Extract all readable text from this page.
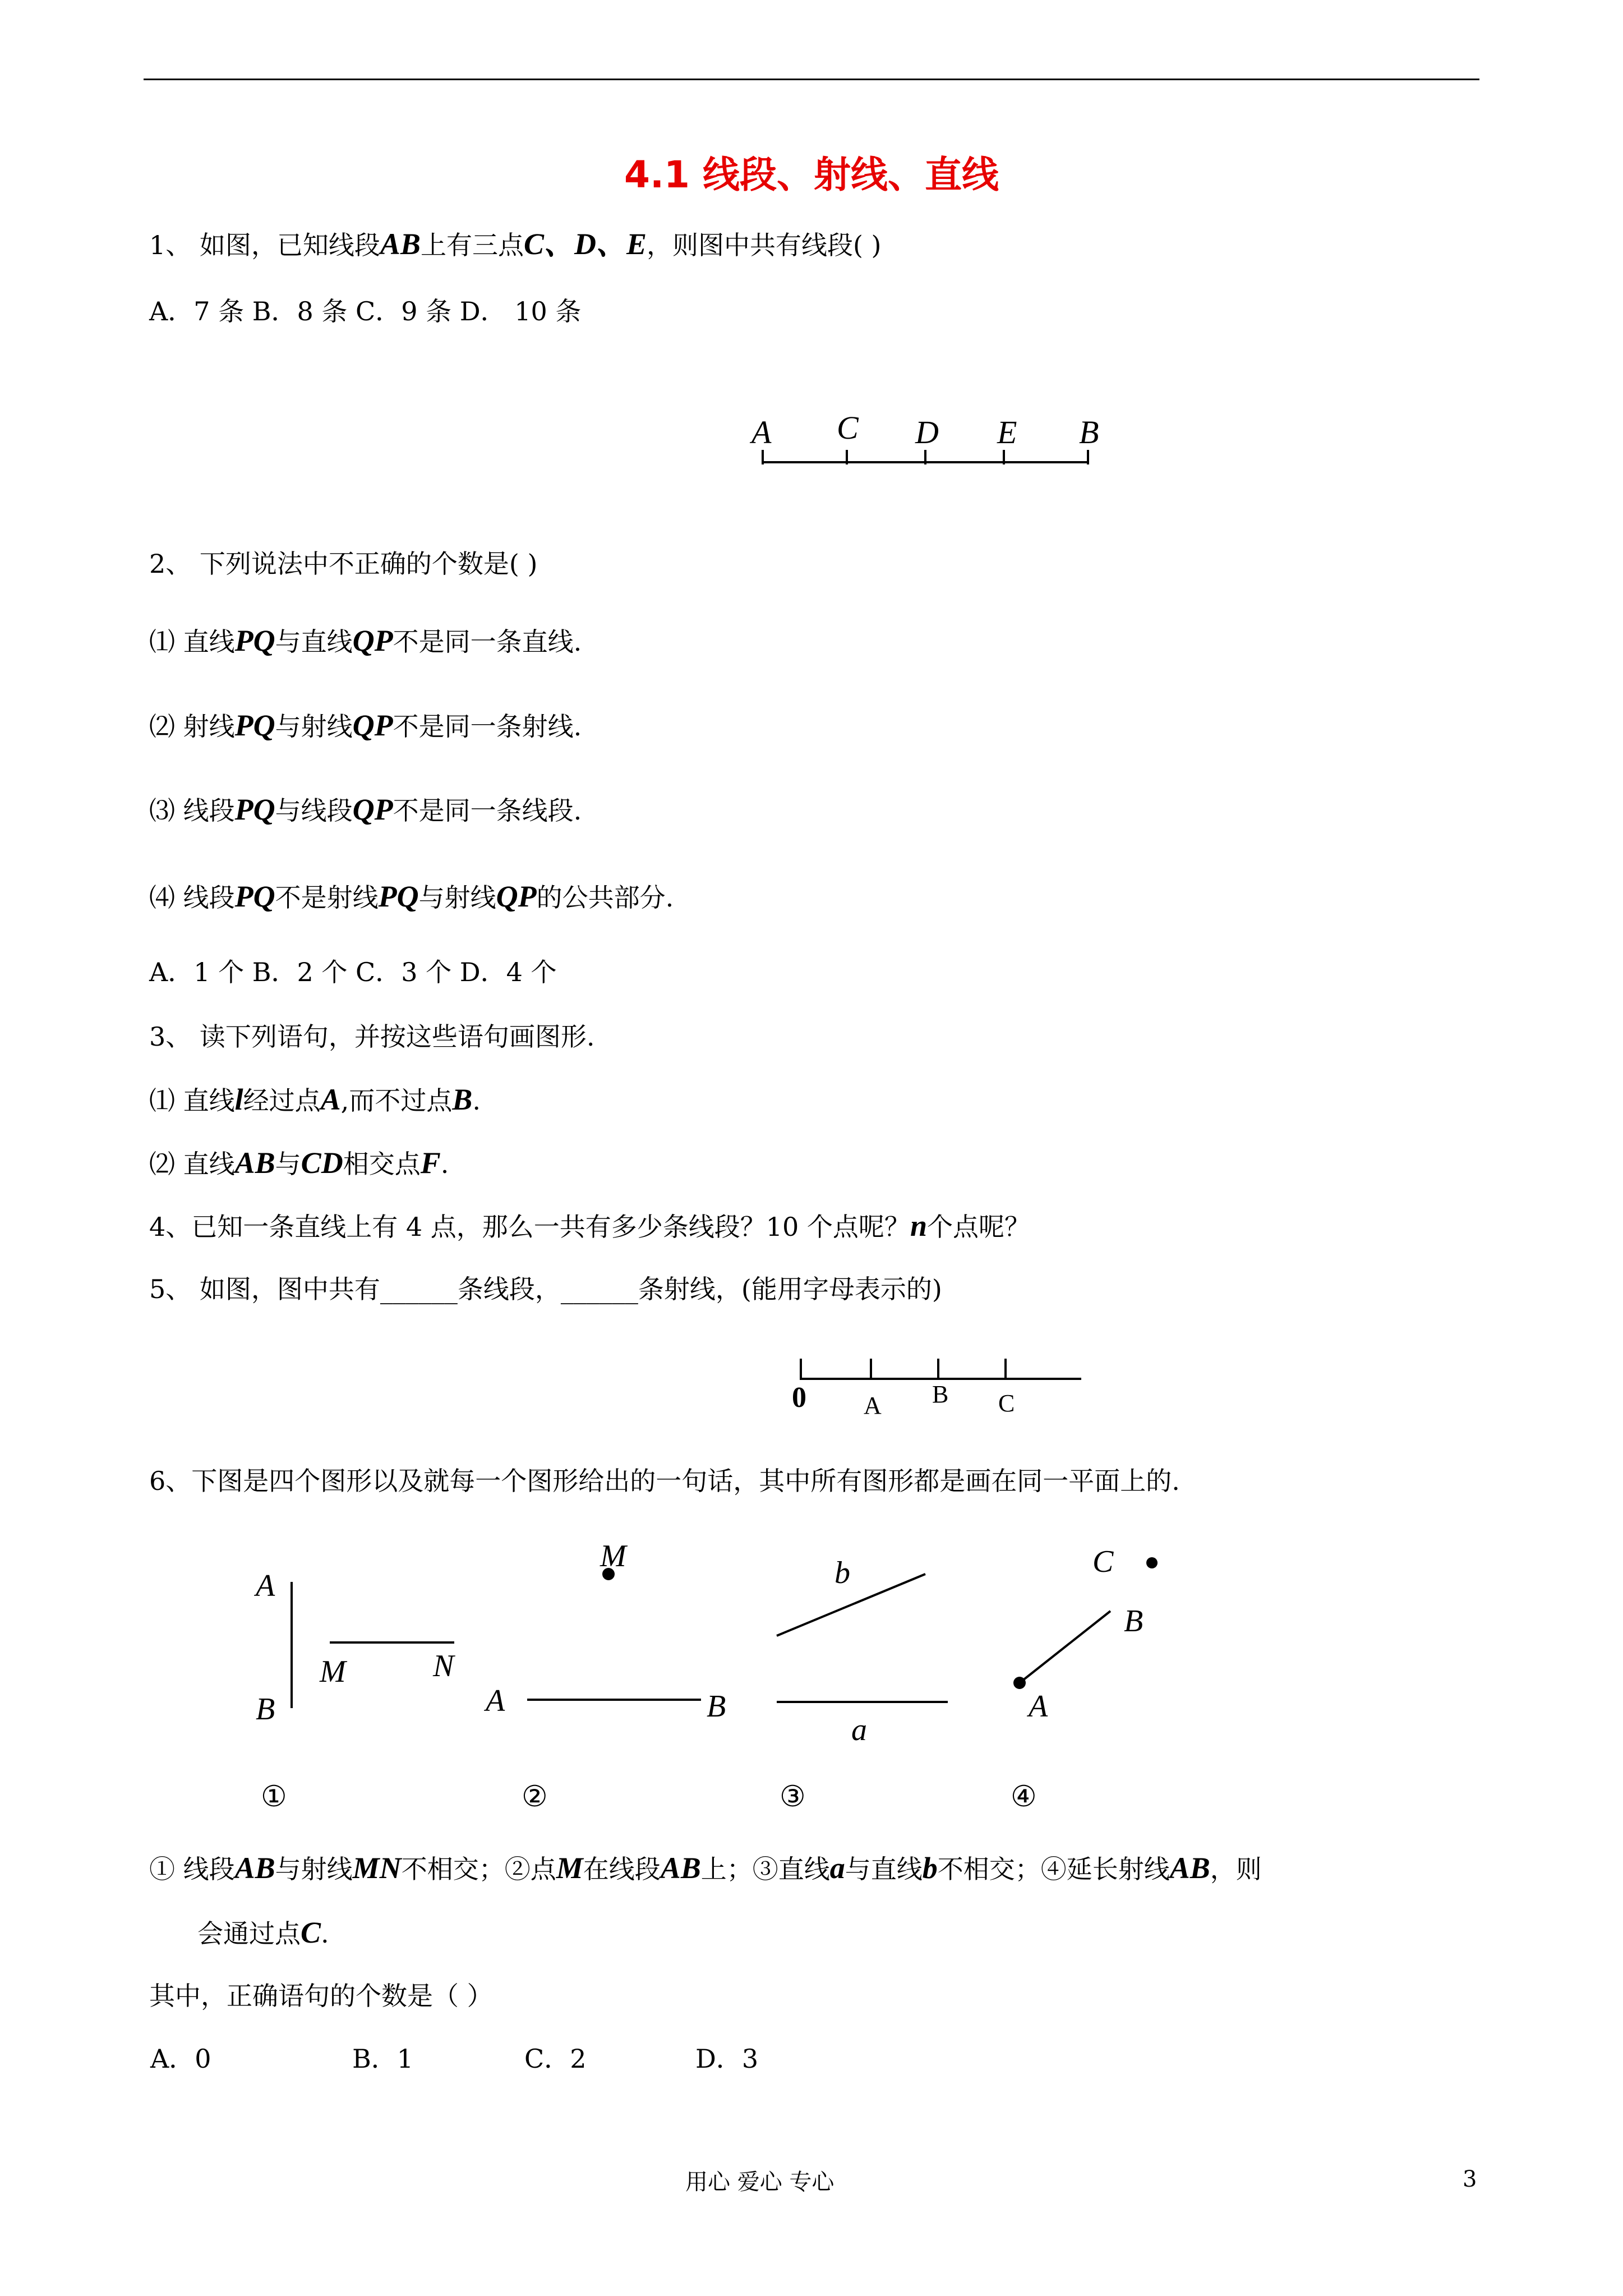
4.1 线段、射线、直线
1、 如图，已知线段AB上有三点C、D、E，则图中共有线段( )
A．7 条 B．8 条 C．9 条 D． 10 条
A C D E B
2、 下列说法中不正确的个数是( )
⑴ 直线PQ与直线QP不是同一条直线.
⑵ 射线PQ与射线QP不是同一条射线.
⑶ 线段PQ与线段QP不是同一条线段.
⑷ 线段PQ不是射线PQ与射线QP的公共部分.
A．1 个 B．2 个 C．3 个 D．4 个
3、 读下列语句，并按这些语句画图形.
⑴ 直线l经过点A,而不过点B.
⑵ 直线AB与CD相交点F.
4、已知一条直线上有 4 点，那么一共有多少条线段？10 个点呢？n个点呢？
5、 如图，图中共有______条线段，______条射线，(能用字母表示的)
0 A B C
6、下图是四个图形以及就每一个图形给出的一句话，其中所有图形都是画在同一平面上的.
A
B
M	N
M
A	B
b
a
C
B
A
①	②	③	④
① 线段AB与射线MN不相交；②点M在线段AB上；③直线a与直线b不相交；④延长射线AB，则
会通过点C.
其中，正确语句的个数是（ ）
A．0	B．1	C．2	D．3
用心 爱心 专心	3
